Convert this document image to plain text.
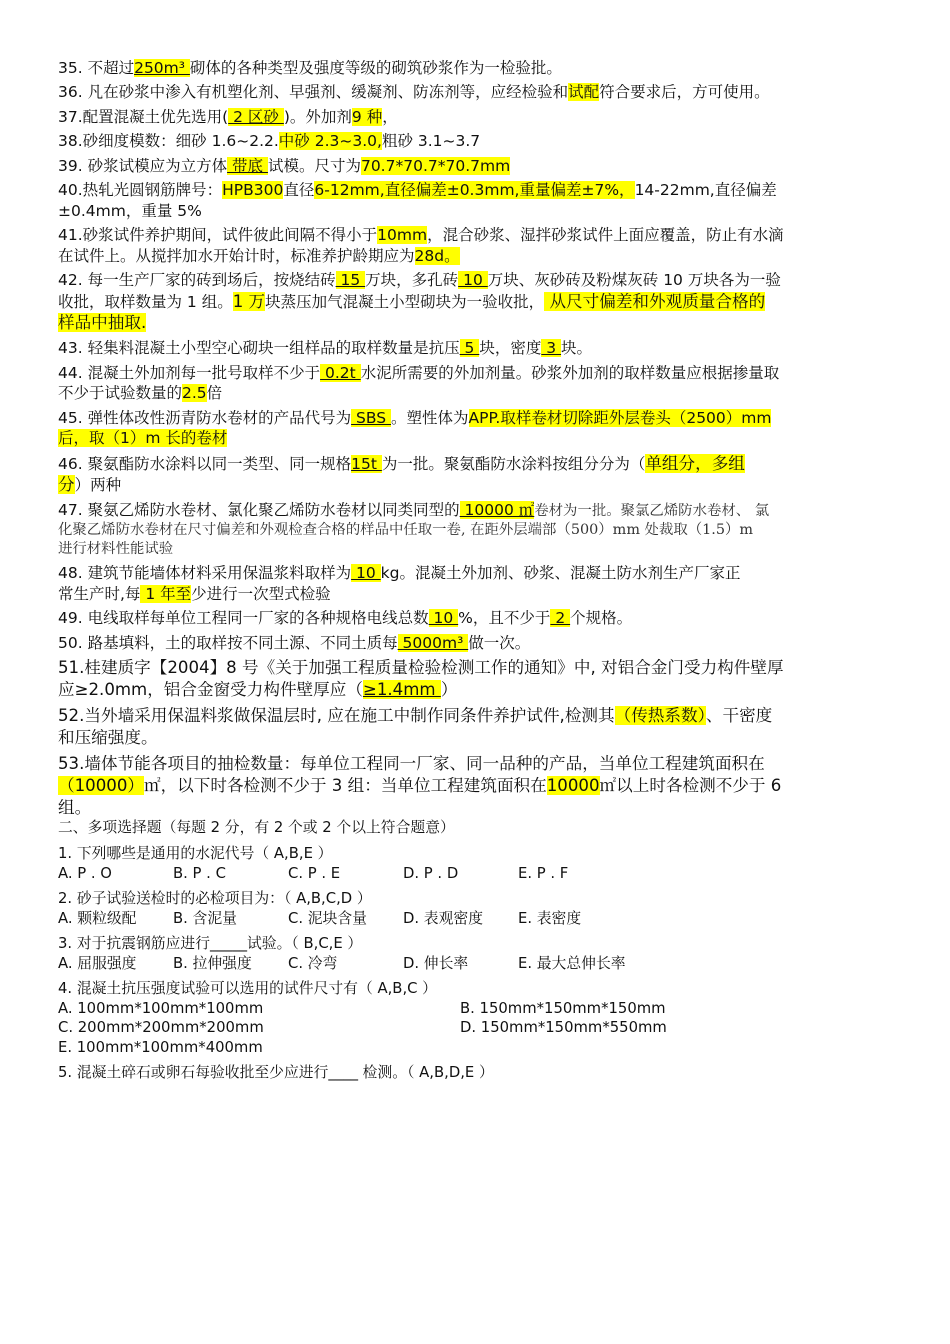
35. 不超过250m³ 砌体的各种类型及强度等级的砌筑砂浆作为一检验批。
36. 凡在砂浆中渗入有机塑化剂、早强剂、缓凝剂、防冻剂等，应经检验和试配符合要求后，方可使用。
37.配置混凝土优先选用( 2 区砂 )。外加剂9 种，
38.砂细度模数：细砂 1.6~2.2.中砂 2.3~3.0,粗砂 3.1~3.7
39. 砂浆试模应为立方体 带底 试模。尺寸为70.7*70.7*70.7mm
40.热轧光圆钢筋牌号：HPB300直径6-12mm,直径偏差±0.3mm,重量偏差±7%，14-22mm,直径偏差
±0.4mm，重量 5%
41.砂浆试件养护期间，试件彼此间隔不得小于10mm，混合砂浆、湿拌砂浆试件上面应覆盖，防止有水滴
在试件上。从搅拌加水开始计时，标准养护龄期应为28d。
42. 每一生产厂家的砖到场后，按烧结砖 15 万块，多孔砖 10 万块、灰砂砖及粉煤灰砖 10 万块各为一验
收批，取样数量为 1 组。1 万块蒸压加气混凝土小型砌块为一验收批， 从尺寸偏差和外观质量合格的
样品中抽取.
43. 轻集料混凝土小型空心砌块一组样品的取样数量是抗压 5 块，密度 3 块。
44. 混凝土外加剂每一批号取样不少于 0.2t 水泥所需要的外加剂量。砂浆外加剂的取样数量应根据掺量取
不少于试验数量的2.5倍
45. 弹性体改性沥青防水卷材的产品代号为 SBS 。塑性体为APP.取样卷材切除距外层卷头（2500）mm
后，取（1）m 长的卷材
46. 聚氨酯防水涂料以同一类型、同一规格15t 为一批。聚氨酯防水涂料按组分分为（单组分，多组
分）两种
47. 聚氨乙烯防水卷材、氯化聚乙烯防水卷材以同类同型的 10000 ㎡卷材为一批。聚氯乙烯防水卷材、 氯
化聚乙烯防水卷材在尺寸偏差和外观检查合格的样品中任取一卷, 在距外层端部（500）mm 处裁取（1.5）m
进行材料性能试验
48. 建筑节能墙体材料采用保温浆料取样为 10 kg。混凝土外加剂、砂浆、混凝土防水剂生产厂家正
常生产时,每 1 年至少进行一次型式检验
49. 电线取样每单位工程同一厂家的各种规格电线总数 10 %，且不少于 2 个规格。
50. 路基填料，土的取样按不同土源、不同土质每 5000m³ 做一次。
51.桂建质字【2004】8 号《关于加强工程质量检验检测工作的通知》中, 对铝合金门受力构件壁厚
应≥2.0mm，铝合金窗受力构件壁厚应（≥1.4mm ）
52.当外墙采用保温料浆做保温层时, 应在施工中制作同条件养护试件,检测其（传热系数）、干密度
和压缩强度。
53.墙体节能各项目的抽检数量：每单位工程同一厂家、同一品种的产品，当单位工程建筑面积在
（10000）㎡，以下时各检测不少于 3 组：当单位工程建筑面积在10000㎡以上时各检测不少于 6
组。
二、多项选择题（每题 2 分，有 2 个或 2 个以上符合题意）
1. 下列哪些是通用的水泥代号（ A,B,E ）
A. P . O	B. P . C	C. P . E	D. P . D	E. P . F
2. 砂子试验送检时的必检项目为：（ A,B,C,D ）
A. 颗粒级配	B. 含泥量	C. 泥块含量	D. 表观密度	E. 表密度
3. 对于抗震钢筋应进行_____试验。（ B,C,E ）
A. 屈服强度	B. 拉伸强度	C. 冷弯	D. 伸长率	E. 最大总伸长率
4. 混凝土抗压强度试验可以选用的试件尺寸有（ A,B,C ）
A. 100mm*100mm*100mm	B. 150mm*150mm*150mm
C. 200mm*200mm*200mm	D. 150mm*150mm*550mm
E. 100mm*100mm*400mm
5. 混凝土碎石或卵石每验收批至少应进行____ 检测。（ A,B,D,E ）
